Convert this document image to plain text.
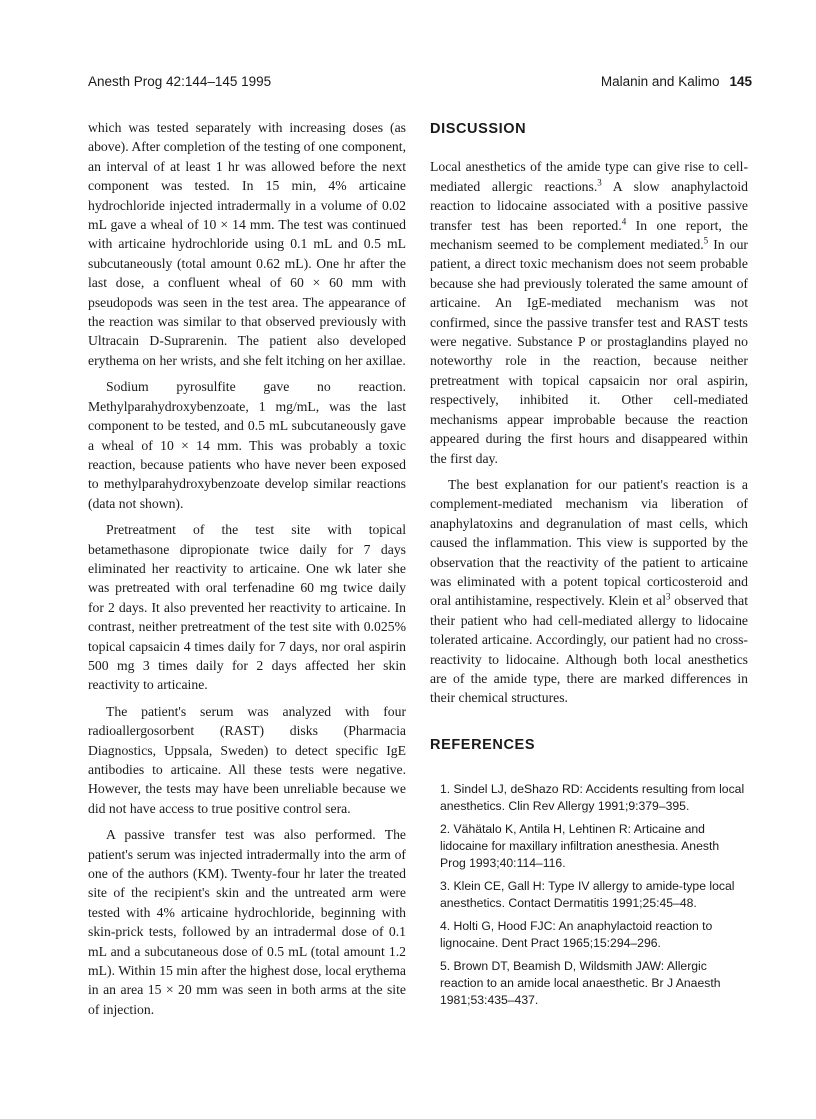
Anesth Prog 42:144–145 1995	Malanin and Kalimo 145

which was tested separately with increasing doses (as above). After completion of the testing of one component, an interval of at least 1 hr was allowed before the next component was tested. In 15 min, 4% articaine hydrochloride injected intradermally in a volume of 0.02 mL gave a wheal of 10 × 14 mm. The test was continued with articaine hydrochloride using 0.1 mL and 0.5 mL subcutaneously (total amount 0.62 mL). One hr after the last dose, a confluent wheal of 60 × 60 mm with pseudopods was seen in the test area. The appearance of the reaction was similar to that observed previously with Ultracain D-Suprarenin. The patient also developed erythema on her wrists, and she felt itching on her axillae.

Sodium pyrosulfite gave no reaction. Methylparahydroxybenzoate, 1 mg/mL, was the last component to be tested, and 0.5 mL subcutaneously gave a wheal of 10 × 14 mm. This was probably a toxic reaction, because patients who have never been exposed to methylparahydroxybenzoate develop similar reactions (data not shown).

Pretreatment of the test site with topical betamethasone dipropionate twice daily for 7 days eliminated her reactivity to articaine. One wk later she was pretreated with oral terfenadine 60 mg twice daily for 2 days. It also prevented her reactivity to articaine. In contrast, neither pretreatment of the test site with 0.025% topical capsaicin 4 times daily for 7 days, nor oral aspirin 500 mg 3 times daily for 2 days affected her skin reactivity to articaine.

The patient's serum was analyzed with four radioallergosorbent (RAST) disks (Pharmacia Diagnostics, Uppsala, Sweden) to detect specific IgE antibodies to articaine. All these tests were negative. However, the tests may have been unreliable because we did not have access to true positive control sera.

A passive transfer test was also performed. The patient's serum was injected intradermally into the arm of one of the authors (KM). Twenty-four hr later the treated site of the recipient's skin and the untreated arm were tested with 4% articaine hydrochloride, beginning with skin-prick tests, followed by an intradermal dose of 0.1 mL and a subcutaneous dose of 0.5 mL (total amount 1.2 mL). Within 15 min after the highest dose, local erythema in an area 15 × 20 mm was seen in both arms at the site of injection.

DISCUSSION

Local anesthetics of the amide type can give rise to cell-mediated allergic reactions.$^3$ A slow anaphylactoid reaction to lidocaine associated with a positive passive transfer test has been reported.$^4$ In one report, the mechanism seemed to be complement mediated.$^5$ In our patient, a direct toxic mechanism does not seem probable because she had previously tolerated the same amount of articaine. An IgE-mediated mechanism was not confirmed, since the passive transfer test and RAST tests were negative. Substance P or prostaglandins played no noteworthy role in the reaction, because neither pretreatment with topical capsaicin nor oral aspirin, respectively, inhibited it. Other cell-mediated mechanisms appear improbable because the reaction appeared during the first hours and disappeared within the first day.

The best explanation for our patient's reaction is a complement-mediated mechanism via liberation of anaphylatoxins and degranulation of mast cells, which caused the inflammation. This view is supported by the observation that the reactivity of the patient to articaine was eliminated with a potent topical corticosteroid and oral antihistamine, respectively. Klein et $al^3$ observed that their patient who had cell-mediated allergy to lidocaine tolerated articaine. Accordingly, our patient had no cross-reactivity to lidocaine. Although both local anesthetics are of the amide type, there are marked differences in their chemical structures.

REFERENCES
1. Sindel LJ, deShazo RD: Accidents resulting from local anesthetics. Clin Rev Allergy 1991;9:379–395.
2. Vähätalo K, Antila H, Lehtinen R: Articaine and lidocaine for maxillary infiltration anesthesia. Anesth Prog 1993;40:114–116.
3. Klein CE, Gall H: Type IV allergy to amide-type local anesthetics. Contact Dermatitis 1991;25:45–48.
4. Holti G, Hood FJC: An anaphylactoid reaction to lignocaine. Dent Pract 1965;15:294–296.
5. Brown DT, Beamish D, Wildsmith JAW: Allergic reaction to an amide local anaesthetic. Br J Anaesth 1981;53:435–437.
